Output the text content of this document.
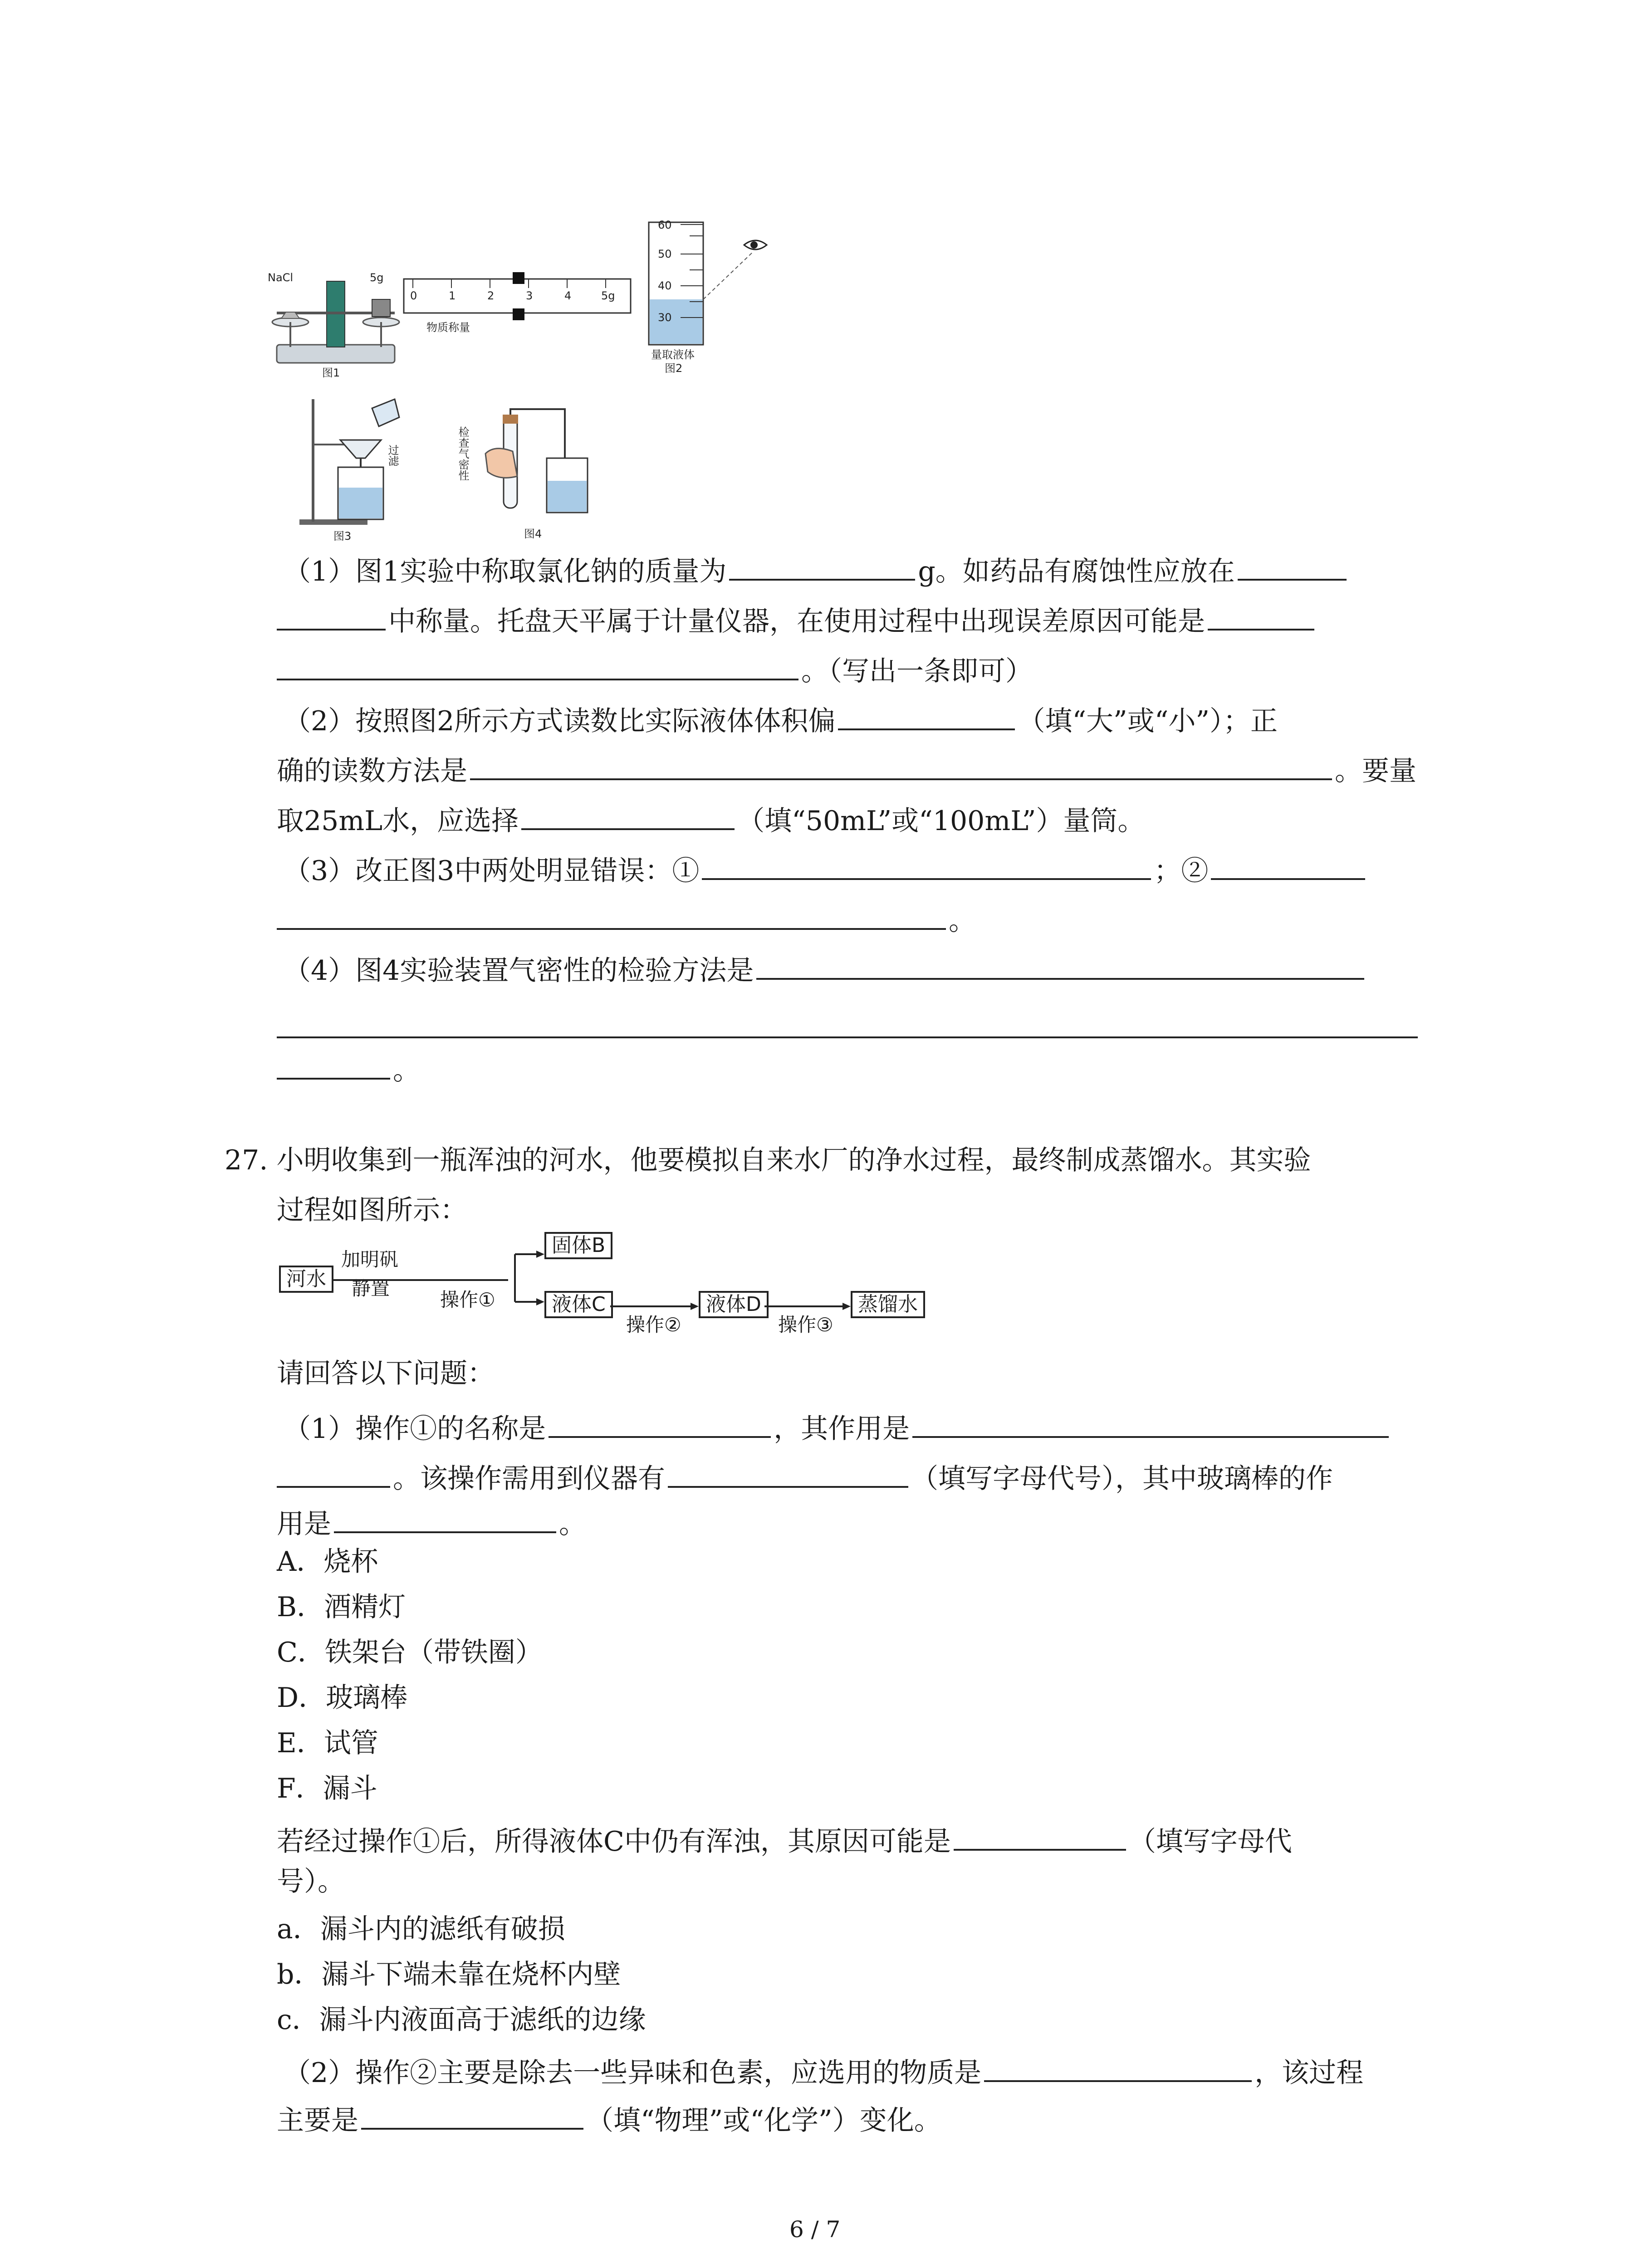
NaCl	5g
0	1	2	3	4	5g
物质称量
图1
60
50
40
30
量取液体
图2
过滤
图3
检查气密性
图4
（1）图1实验中称取氯化钠的质量为	g。如药品有腐蚀性应放在
中称量。托盘天平属于计量仪器，在使用过程中出现误差原因可能是
。（写出一条即可）
（2）按照图2所示方式读数比实际液体体积偏	（填“大”或“小”）；正
确的读数方法是	。要量
取25mL水，应选择	（填“50mL”或“100mL”）量筒。
（3）改正图3中两处明显错误：①	；②
。
（4）图4实验装置气密性的检验方法是
。
27. 小明收集到一瓶浑浊的河水，他要模拟自来水厂的净水过程，最终制成蒸馏水。其实验
过程如图所示：
河水
加明矾
静置
操作①
固体B
液体C
操作②
液体D
操作③
蒸馏水
请回答以下问题：
（1）操作①的名称是	，其作用是
。该操作需用到仪器有	（填写字母代号），其中玻璃棒的作
用是	。
A．烧杯
B．酒精灯
C．铁架台（带铁圈）
D．玻璃棒
E．试管
F．漏斗
若经过操作①后，所得液体C中仍有浑浊，其原因可能是	（填写字母代
号）。
a．漏斗内的滤纸有破损
b．漏斗下端未靠在烧杯内壁
c．漏斗内液面高于滤纸的边缘
（2）操作②主要是除去一些异味和色素，应选用的物质是	，该过程
主要是	（填“物理”或“化学”）变化。
6 / 7
